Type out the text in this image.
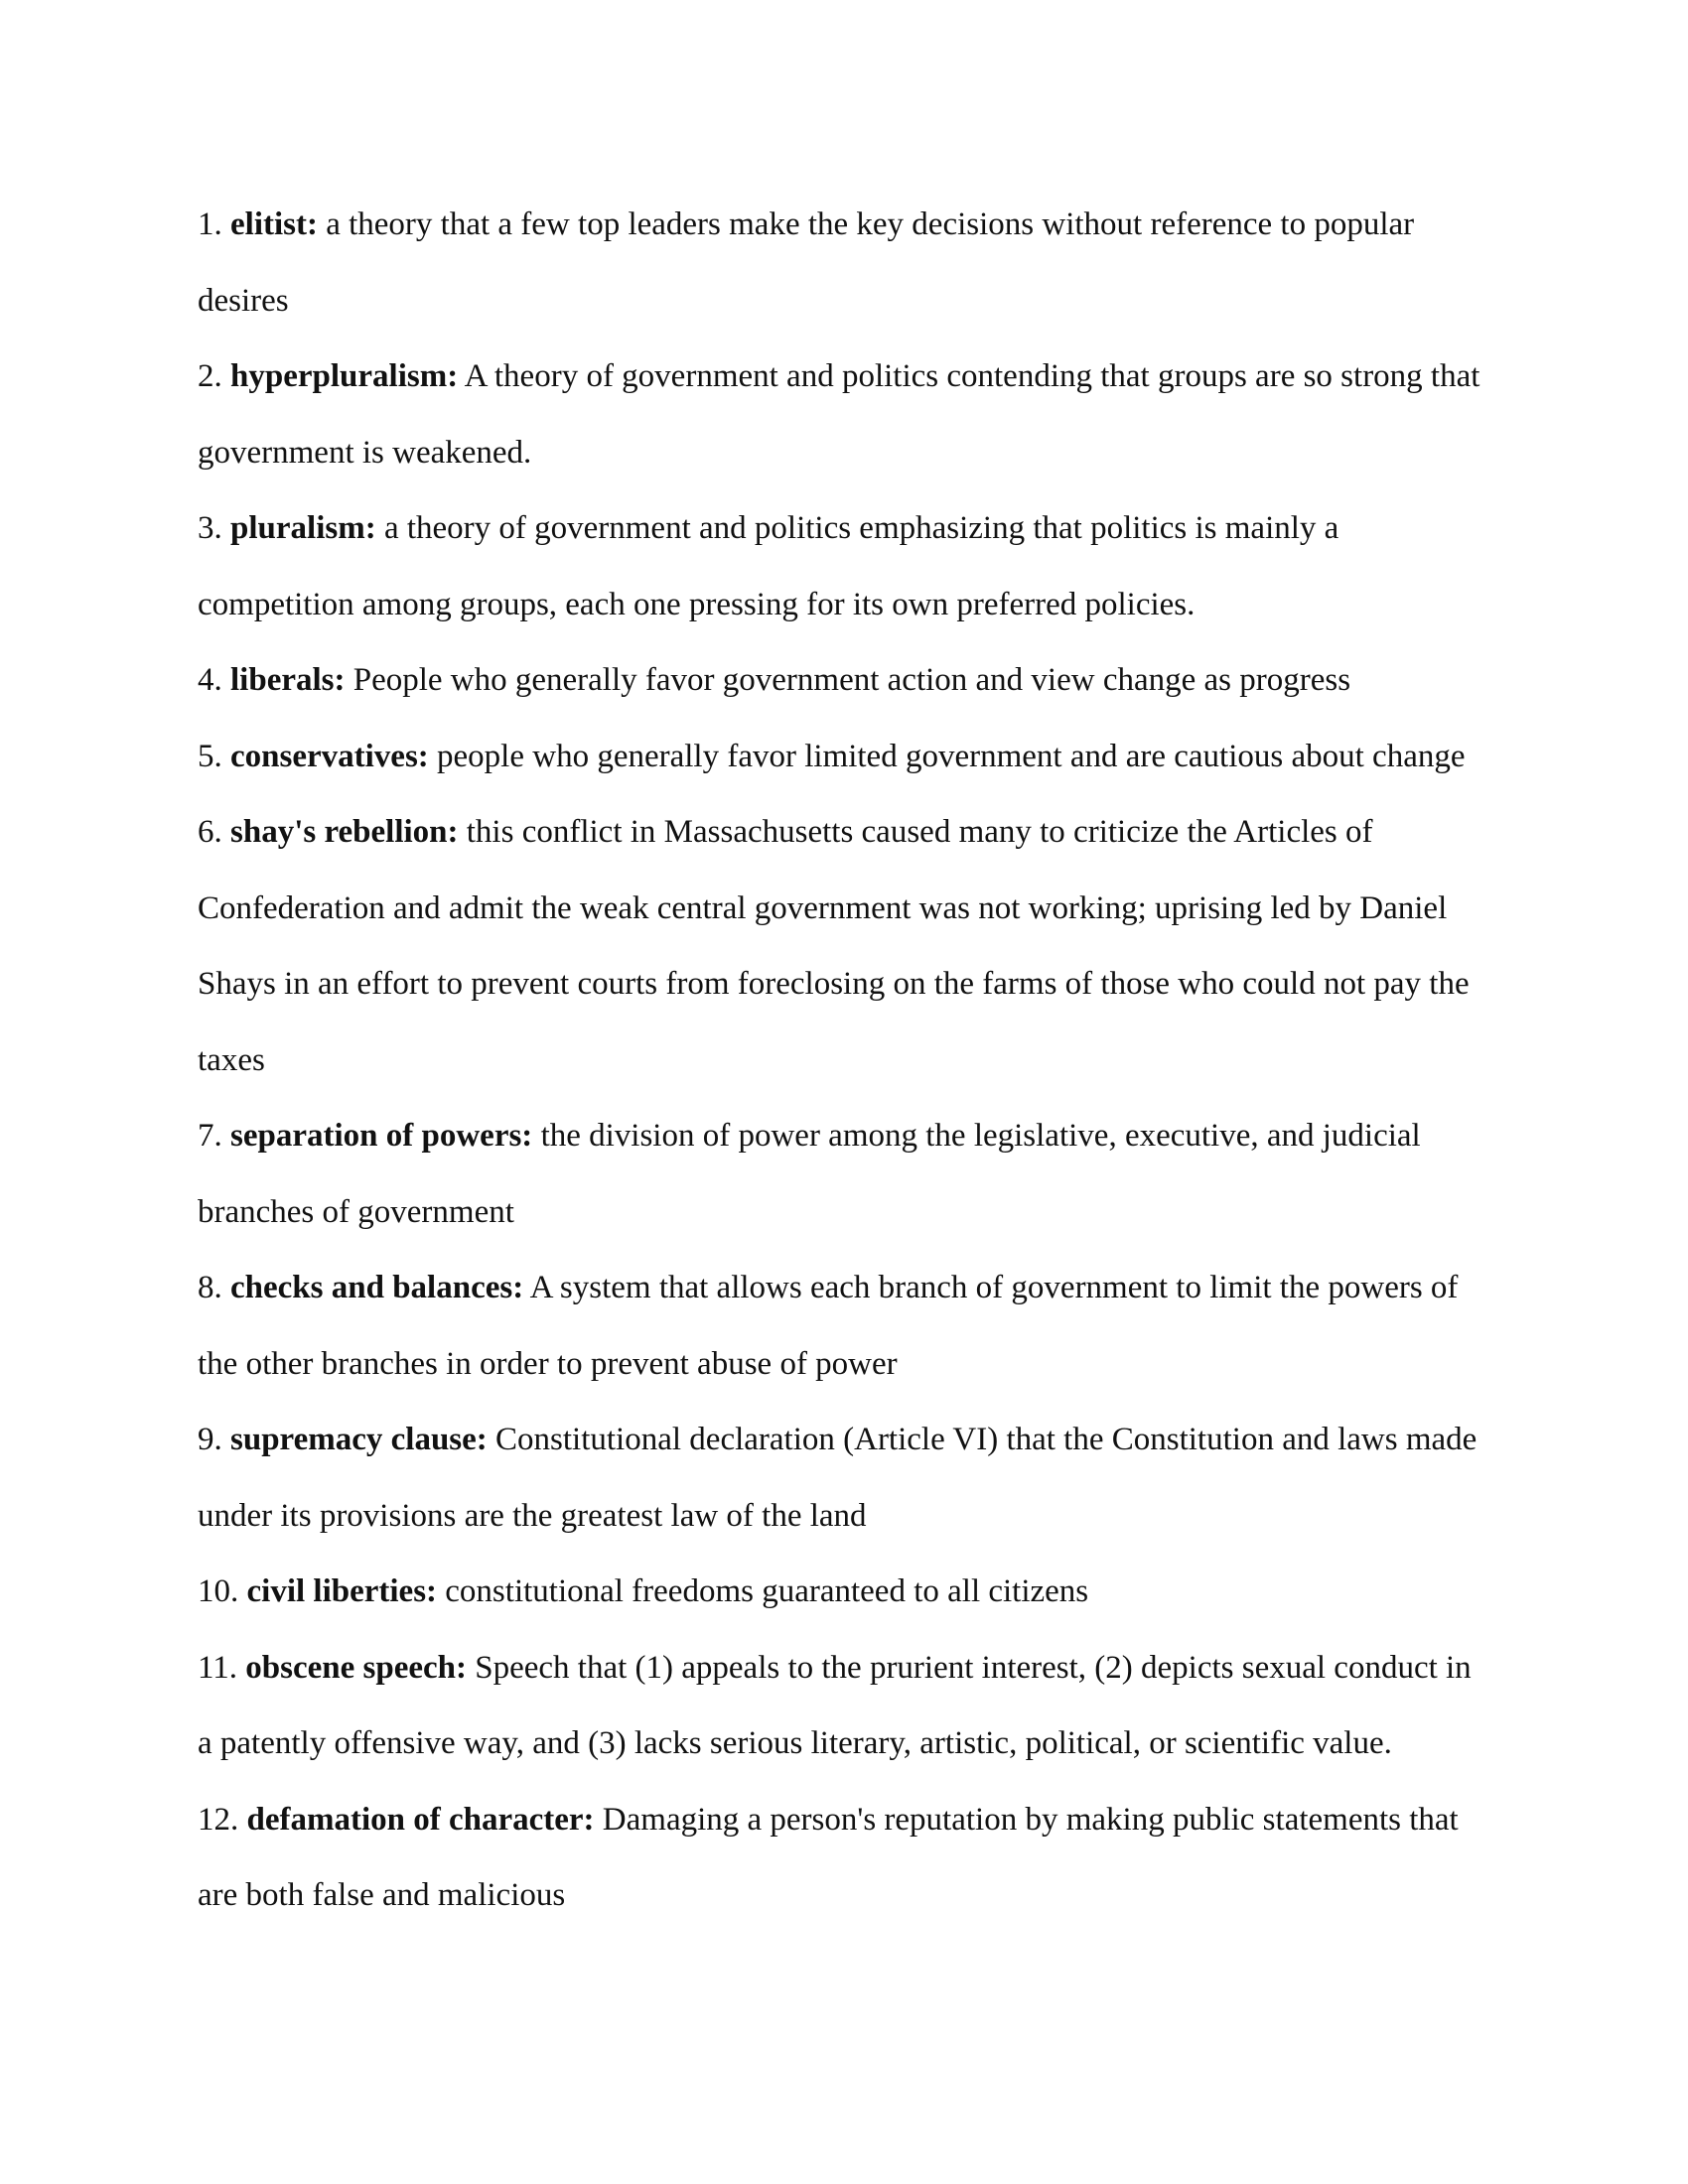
1. elitist: a theory that a few top leaders make the key decisions without reference to popular desires

2. hyperpluralism: A theory of government and politics contending that groups are so strong that government is weakened.

3. pluralism: a theory of government and politics emphasizing that politics is mainly a competition among groups, each one pressing for its own preferred policies.

4. liberals: People who generally favor government action and view change as progress

5. conservatives: people who generally favor limited government and are cautious about change

6. shay's rebellion: this conflict in Massachusetts caused many to criticize the Articles of Confederation and admit the weak central government was not working; uprising led by Daniel Shays in an effort to prevent courts from foreclosing on the farms of those who could not pay the taxes

7. separation of powers: the division of power among the legislative, executive, and judicial branches of government

8. checks and balances: A system that allows each branch of government to limit the powers of the other branches in order to prevent abuse of power

9. supremacy clause: Constitutional declaration (Article VI) that the Constitution and laws made under its provisions are the greatest law of the land

10. civil liberties: constitutional freedoms guaranteed to all citizens

11. obscene speech: Speech that (1) appeals to the prurient interest, (2) depicts sexual conduct in a patently offensive way, and (3) lacks serious literary, artistic, political, or scientific value.

12. defamation of character: Damaging a person's reputation by making public statements that are both false and malicious
